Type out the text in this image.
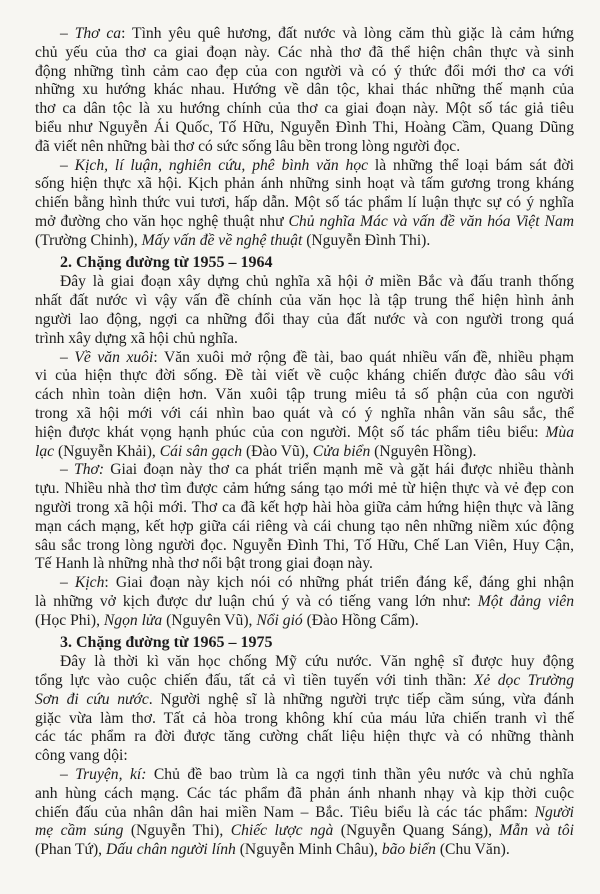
– Thơ ca: Tình yêu quê hương, đất nước và lòng căm thù giặc là cảm hứng
chủ yếu của thơ ca giai đoạn này. Các nhà thơ đã thể hiện chân thực và sinh
động những tình cảm cao đẹp của con người và có ý thức đổi mới thơ ca với
những xu hướng khác nhau. Hướng về dân tộc, khai thác những thế mạnh của
thơ ca dân tộc là xu hướng chính của thơ ca giai đoạn này. Một số tác giả tiêu
biểu như Nguyễn Ái Quốc, Tố Hữu, Nguyễn Đình Thi, Hoàng Cầm, Quang Dũng
đã viết nên những bài thơ có sức sống lâu bền trong lòng người đọc.
– Kịch, lí luận, nghiên cứu, phê bình văn học là những thể loại bám sát đời
sống hiện thực xã hội. Kịch phản ánh những sinh hoạt và tấm gương trong kháng
chiến bằng hình thức vui tươi, hấp dẫn. Một số tác phẩm lí luận thực sự có ý nghĩa
mở đường cho văn học nghệ thuật như Chủ nghĩa Mác và vấn đề văn hóa Việt Nam
(Trường Chinh), Mấy vấn đề về nghệ thuật (Nguyễn Đình Thi).
2. Chặng đường từ 1955 – 1964
Đây là giai đoạn xây dựng chủ nghĩa xã hội ở miền Bắc và đấu tranh thống
nhất đất nước vì vậy vấn đề chính của văn học là tập trung thể hiện hình ảnh
người lao động, ngợi ca những đổi thay của đất nước và con người trong quá
trình xây dựng xã hội chủ nghĩa.
– Về văn xuôi: Văn xuôi mở rộng đề tài, bao quát nhiều vấn đề, nhiều phạm
vi của hiện thực đời sống. Đề tài viết về cuộc kháng chiến được đào sâu với
cách nhìn toàn diện hơn. Văn xuôi tập trung miêu tả số phận của con người
trong xã hội mới với cái nhìn bao quát và có ý nghĩa nhân văn sâu sắc, thể
hiện được khát vọng hạnh phúc của con người. Một số tác phẩm tiêu biểu: Mùa
lạc (Nguyễn Khải), Cái sân gạch (Đào Vũ), Cửa biển (Nguyên Hồng).
– Thơ: Giai đoạn này thơ ca phát triển mạnh mẽ và gặt hái được nhiều thành
tựu. Nhiều nhà thơ tìm được cảm hứng sáng tạo mới mẻ từ hiện thực và vẻ đẹp con
người trong xã hội mới. Thơ ca đã kết hợp hài hòa giữa cảm hứng hiện thực và lãng
mạn cách mạng, kết hợp giữa cái riêng và cái chung tạo nên những niềm xúc động
sâu sắc trong lòng người đọc. Nguyễn Đình Thi, Tố Hữu, Chế Lan Viên, Huy Cận,
Tế Hanh là những nhà thơ nổi bật trong giai đoạn này.
– Kịch: Giai đoạn này kịch nói có những phát triển đáng kể, đáng ghi nhận
là những vở kịch được dư luận chú ý và có tiếng vang lớn như: Một đảng viên
(Học Phi), Ngọn lửa (Nguyên Vũ), Nổi gió (Đào Hồng Cẩm).
3. Chặng đường từ 1965 – 1975
Đây là thời kì văn học chống Mỹ cứu nước. Văn nghệ sĩ được huy động
tổng lực vào cuộc chiến đấu, tất cả vì tiền tuyến với tinh thần: Xẻ dọc Trường
Sơn đi cứu nước. Người nghệ sĩ là những người trực tiếp cầm súng, vừa đánh
giặc vừa làm thơ. Tất cả hòa trong không khí của máu lửa chiến tranh vì thế
các tác phẩm ra đời được tăng cường chất liệu hiện thực và có những thành
công vang dội:
– Truyện, kí: Chủ đề bao trùm là ca ngợi tinh thần yêu nước và chủ nghĩa
anh hùng cách mạng. Các tác phẩm đã phản ánh nhanh nhạy và kịp thời cuộc
chiến đấu của nhân dân hai miền Nam – Bắc. Tiêu biểu là các tác phẩm: Người
mẹ cầm súng (Nguyễn Thi), Chiếc lược ngà (Nguyễn Quang Sáng), Mẫn và tôi
(Phan Tứ), Dấu chân người lính (Nguyễn Minh Châu), bão biển (Chu Văn).
